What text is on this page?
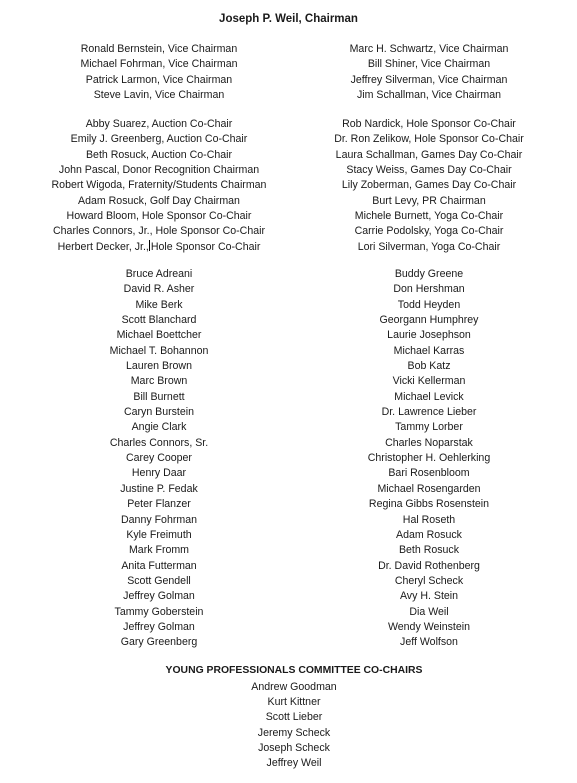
Joseph P. Weil, Chairman
Ronald Bernstein, Vice Chairman
Michael Fohrman, Vice Chairman
Patrick Larmon, Vice Chairman
Steve Lavin, Vice Chairman
Marc H. Schwartz, Vice Chairman
Bill Shiner, Vice Chairman
Jeffrey Silverman, Vice Chairman
Jim Schallman, Vice Chairman
Abby Suarez, Auction Co-Chair
Emily J. Greenberg, Auction Co-Chair
Beth Rosuck, Auction Co-Chair
John Pascal, Donor Recognition Chairman
Robert Wigoda, Fraternity/Students Chairman
Adam Rosuck, Golf Day Chairman
Howard Bloom, Hole Sponsor Co-Chair
Charles Connors, Jr., Hole Sponsor Co-Chair
Herbert Decker, Jr., Hole Sponsor Co-Chair
Rob Nardick, Hole Sponsor Co-Chair
Dr. Ron Zelikow, Hole Sponsor Co-Chair
Laura Schallman, Games Day Co-Chair
Stacy Weiss, Games Day Co-Chair
Lily Zoberman, Games Day Co-Chair
Burt Levy, PR Chairman
Michele Burnett, Yoga Co-Chair
Carrie Podolsky, Yoga Co-Chair
Lori Silverman, Yoga Co-Chair
Bruce Adreani
David R. Asher
Mike Berk
Scott Blanchard
Michael Boettcher
Michael T. Bohannon
Lauren Brown
Marc Brown
Bill Burnett
Caryn Burstein
Angie Clark
Charles Connors, Sr.
Carey Cooper
Henry Daar
Justine P. Fedak
Peter Flanzer
Danny Fohrman
Kyle Freimuth
Mark Fromm
Anita Futterman
Scott Gendell
Jeffrey Golman
Tammy Goberstein
Jeffrey Golman
Gary Greenberg
Buddy Greene
Don Hershman
Todd Heyden
Georgann Humphrey
Laurie Josephson
Michael Karras
Bob Katz
Vicki Kellerman
Michael Levick
Dr. Lawrence Lieber
Tammy Lorber
Charles Noparstak
Christopher H. Oehlerking
Bari Rosenbloom
Michael Rosengarden
Regina Gibbs Rosenstein
Hal Roseth
Adam Rosuck
Beth Rosuck
Dr. David Rothenberg
Cheryl Scheck
Avy H. Stein
Dia Weil
Wendy Weinstein
Jeff Wolfson
YOUNG PROFESSIONALS COMMITTEE CO-CHAIRS
Andrew Goodman
Kurt Kittner
Scott Lieber
Jeremy Scheck
Joseph Scheck
Jeffrey Weil
